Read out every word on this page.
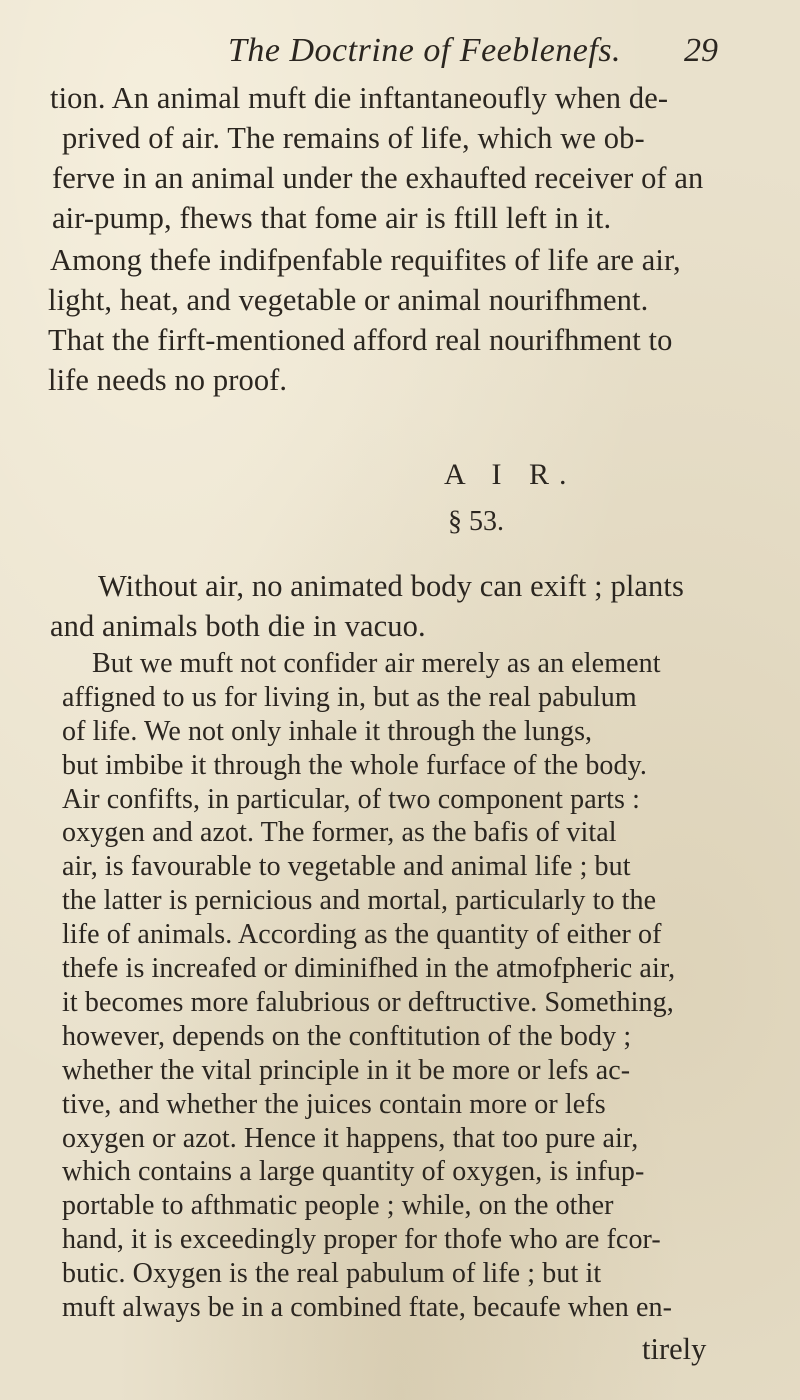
The Doctrine of Feeblenefs. 29
tion. An animal muft die inftantaneoufly when de-
prived of air. The remains of life, which we ob-
ferve in an animal under the exhaufted receiver of an
air-pump, fhews that fome air is ftill left in it.
Among thefe indifpenfable requifites of life are air,
light, heat, and vegetable or animal nourifhment.
That the firft-mentioned afford real nourifhment to
life needs no proof.
A I R.
§ 53.
Without air, no animated body can exift ; plants
and animals both die in vacuo.
But we muft not confider air merely as an element
affigned to us for living in, but as the real pabulum
of life. We not only inhale it through the lungs,
but imbibe it through the whole furface of the body.
Air confifts, in particular, of two component parts :
oxygen and azot. The former, as the bafis of vital
air, is favourable to vegetable and animal life ; but
the latter is pernicious and mortal, particularly to the
life of animals. According as the quantity of either of
thefe is increafed or diminifhed in the atmofpheric air,
it becomes more falubrious or deftructive. Something,
however, depends on the conftitution of the body ;
whether the vital principle in it be more or lefs ac-
tive, and whether the juices contain more or lefs
oxygen or azot. Hence it happens, that too pure air,
which contains a large quantity of oxygen, is infup-
portable to afthmatic people ; while, on the other
hand, it is exceedingly proper for thofe who are fcor-
butic. Oxygen is the real pabulum of life ; but it
muft always be in a combined ftate, becaufe when en-
tirely
